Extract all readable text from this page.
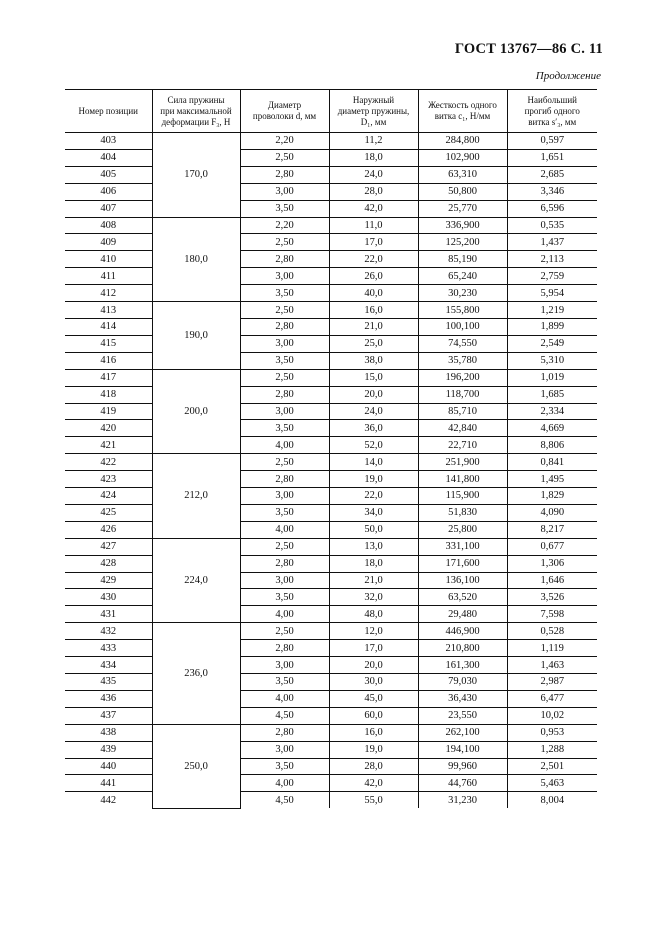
ГОСТ 13767—86 С. 11
Продолжение
Номер позиции	Сила пружины
при максимальной
деформации F₃, Н	Диаметр
проволоки d, мм	Наружный
диаметр пружины,
D₁, мм	Жесткость одного
витка c₁, Н/мм	Наибольший
прогиб одного
витка s′₃, мм
403	170,0	2,20	11,2	284,800	0,597
404		2,50	18,0	102,900	1,651
405		2,80	24,0	63,310	2,685
406		3,00	28,0	50,800	3,346
407		3,50	42,0	25,770	6,596
408	180,0	2,20	11,0	336,900	0,535
409		2,50	17,0	125,200	1,437
410		2,80	22,0	85,190	2,113
411		3,00	26,0	65,240	2,759
412		3,50	40,0	30,230	5,954
413	190,0	2,50	16,0	155,800	1,219
414		2,80	21,0	100,100	1,899
415		3,00	25,0	74,550	2,549
416		3,50	38,0	35,780	5,310
417	200,0	2,50	15,0	196,200	1,019
418		2,80	20,0	118,700	1,685
419		3,00	24,0	85,710	2,334
420		3,50	36,0	42,840	4,669
421		4,00	52,0	22,710	8,806
422	212,0	2,50	14,0	251,900	0,841
423		2,80	19,0	141,800	1,495
424		3,00	22,0	115,900	1,829
425		3,50	34,0	51,830	4,090
426		4,00	50,0	25,800	8,217
427	224,0	2,50	13,0	331,100	0,677
428		2,80	18,0	171,600	1,306
429		3,00	21,0	136,100	1,646
430		3,50	32,0	63,520	3,526
431		4,00	48,0	29,480	7,598
432	236,0	2,50	12,0	446,900	0,528
433		2,80	17,0	210,800	1,119
434		3,00	20,0	161,300	1,463
435		3,50	30,0	79,030	2,987
436		4,00	45,0	36,430	6,477
437		4,50	60,0	23,550	10,02
438	250,0	2,80	16,0	262,100	0,953
439		3,00	19,0	194,100	1,288
440		3,50	28,0	99,960	2,501
441		4,00	42,0	44,760	5,463
442		4,50	55,0	31,230	8,004
